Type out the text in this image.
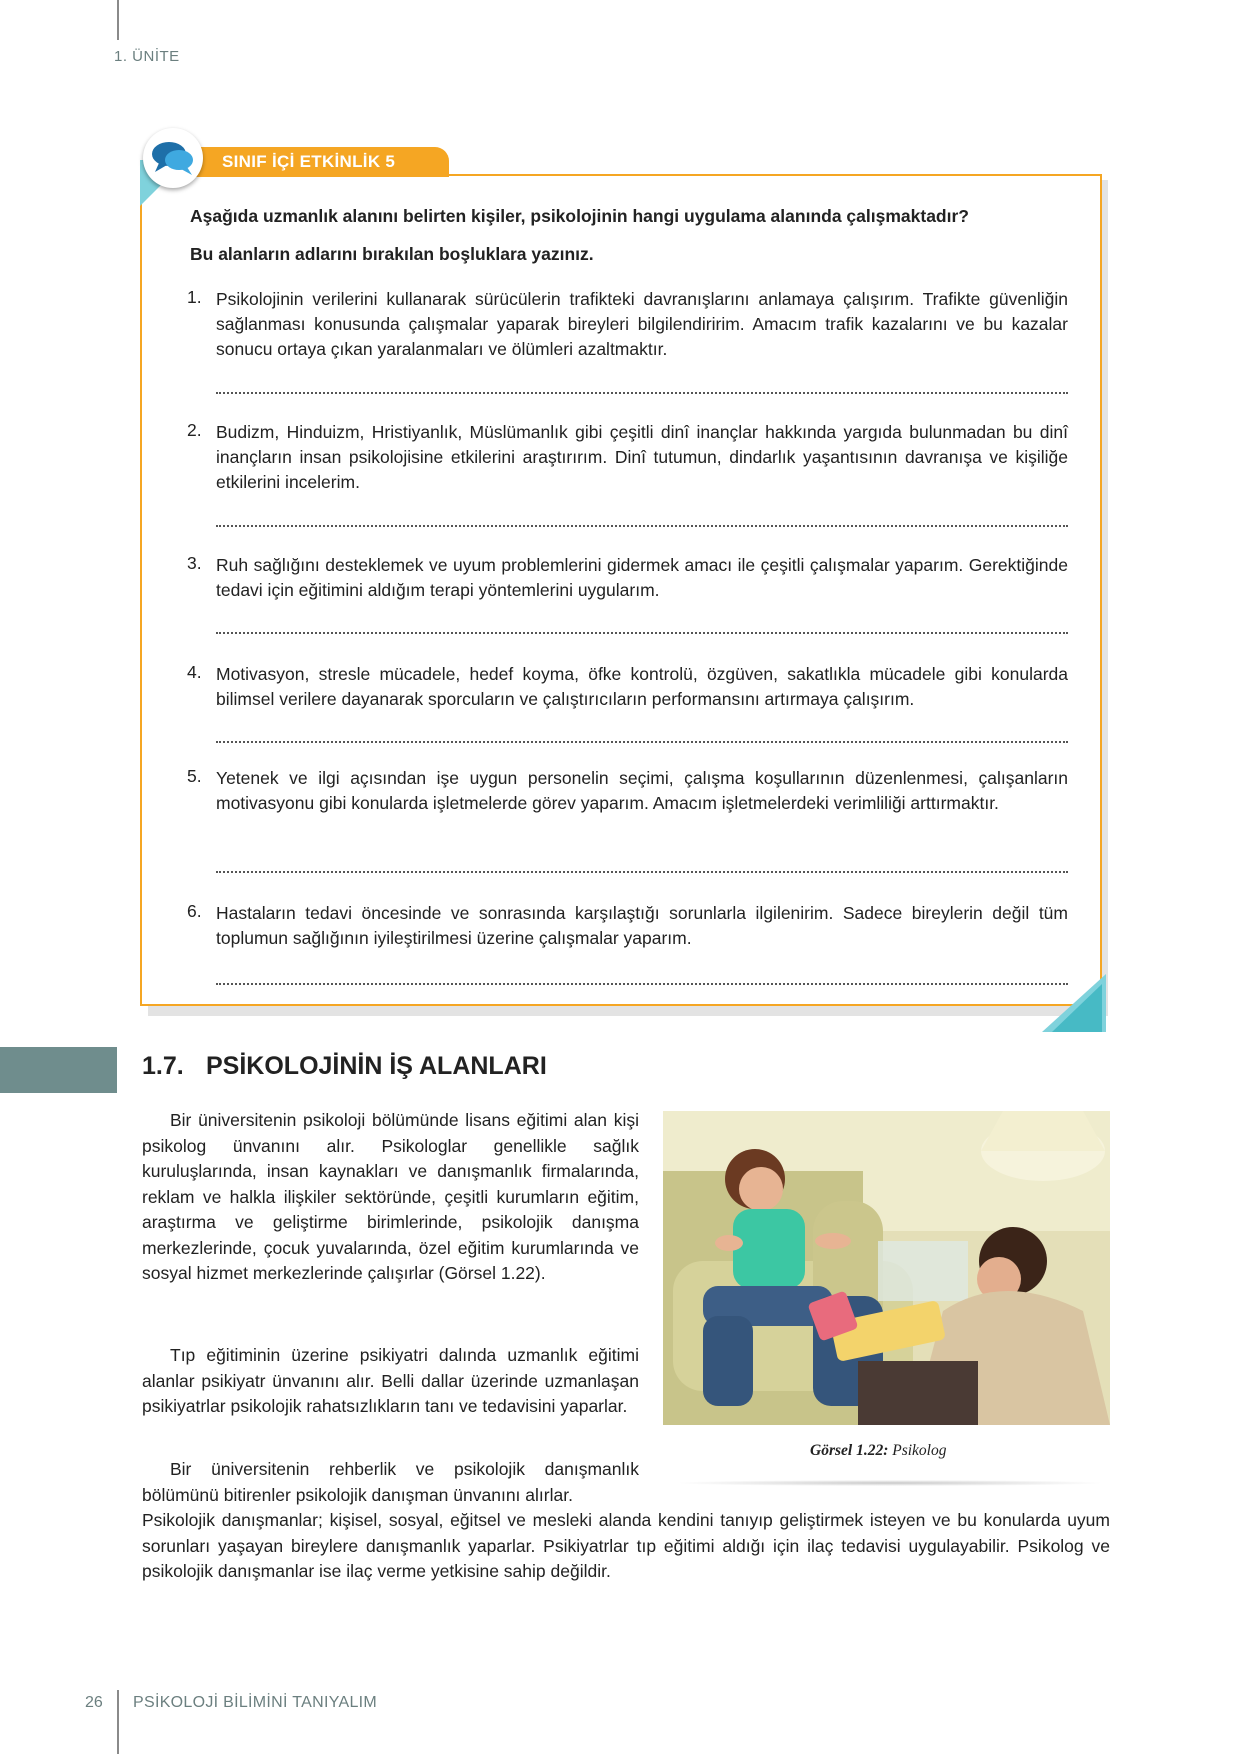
1. ÜNİTE
SINIF İÇİ ETKİNLİK 5
Aşağıda uzmanlık alanını belirten kişiler, psikolojinin hangi uygulama alanında çalışmaktadır?
Bu alanların adlarını bırakılan boşluklara yazınız.
1. Psikolojinin verilerini kullanarak sürücülerin trafikteki davranışlarını anlamaya çalışırım. Trafikte güvenliğin sağlanması konusunda çalışmalar yaparak bireyleri bilgilendiririm. Amacım trafik kazalarını ve bu kazalar sonucu ortaya çıkan yaralanmaları ve ölümleri azaltmaktır.
2. Budizm, Hinduizm, Hristiyanlık, Müslümanlık gibi çeşitli dinî inançlar hakkında yargıda bulunmadan bu dinî inançların insan psikolojisine etkilerini araştırırım. Dinî tutumun, dindarlık yaşantısının davranışa ve kişiliğe etkilerini incelerim.
3. Ruh sağlığını desteklemek ve uyum problemlerini gidermek amacı ile çeşitli çalışmalar yaparım. Gerektiğinde tedavi için eğitimini aldığım terapi yöntemlerini uygularım.
4. Motivasyon, stresle mücadele, hedef koyma, öfke kontrolü, özgüven, sakatlıkla mücadele gibi konularda bilimsel verilere dayanarak sporcuların ve çalıştırıcıların performansını artırmaya çalışırım.
5. Yetenek ve ilgi açısından işe uygun personelin seçimi, çalışma koşullarının düzenlenmesi, çalışanların motivasyonu gibi konularda işletmelerde görev yaparım. Amacım işletmelerdeki verimliliği arttırmaktır.
6. Hastaların tedavi öncesinde ve sonrasında karşılaştığı sorunlarla ilgilenirim. Sadece bireylerin değil tüm toplumun sağlığının iyileştirilmesi üzerine çalışmalar yaparım.
1.7. PSİKOLOJİNİN İŞ ALANLARI
Bir üniversitenin psikoloji bölümünde lisans eğitimi alan kişi psikolog ünvanını alır. Psikologlar genellikle sağlık kuruluşlarında, insan kaynakları ve danışmanlık firmalarında, reklam ve halkla ilişkiler sektöründe, çeşitli kurumların eğitim, araştırma ve geliştirme birimlerinde, psikolojik danışma merkezlerinde, çocuk yuvalarında, özel eğitim kurumlarında ve sosyal hizmet merkezlerinde çalışırlar (Görsel 1.22).
Tıp eğitiminin üzerine psikiyatri dalında uzmanlık eğitimi alanlar psikiyatr ünvanını alır. Belli dallar üzerinde uzmanlaşan psikiyatrlar psikolojik rahatsızlıkların tanı ve tedavisini yaparlar.
Bir üniversitenin rehberlik ve psikolojik danışmanlık bölümünü bitirenler psikolojik danışman ünvanını alırlar.
Psikolojik danışmanlar; kişisel, sosyal, eğitsel ve mesleki alanda kendini tanıyıp geliştirmek isteyen ve bu konularda uyum sorunları yaşayan bireylere danışmanlık yaparlar. Psikiyatrlar tıp eğitimi aldığı için ilaç tedavisi uygulayabilir. Psikolog ve psikolojik danışmanlar ise ilaç verme yetkisine sahip değildir.
Görsel 1.22: Psikolog
26 PSİKOLOJİ BİLİMİNİ TANIYALIM
